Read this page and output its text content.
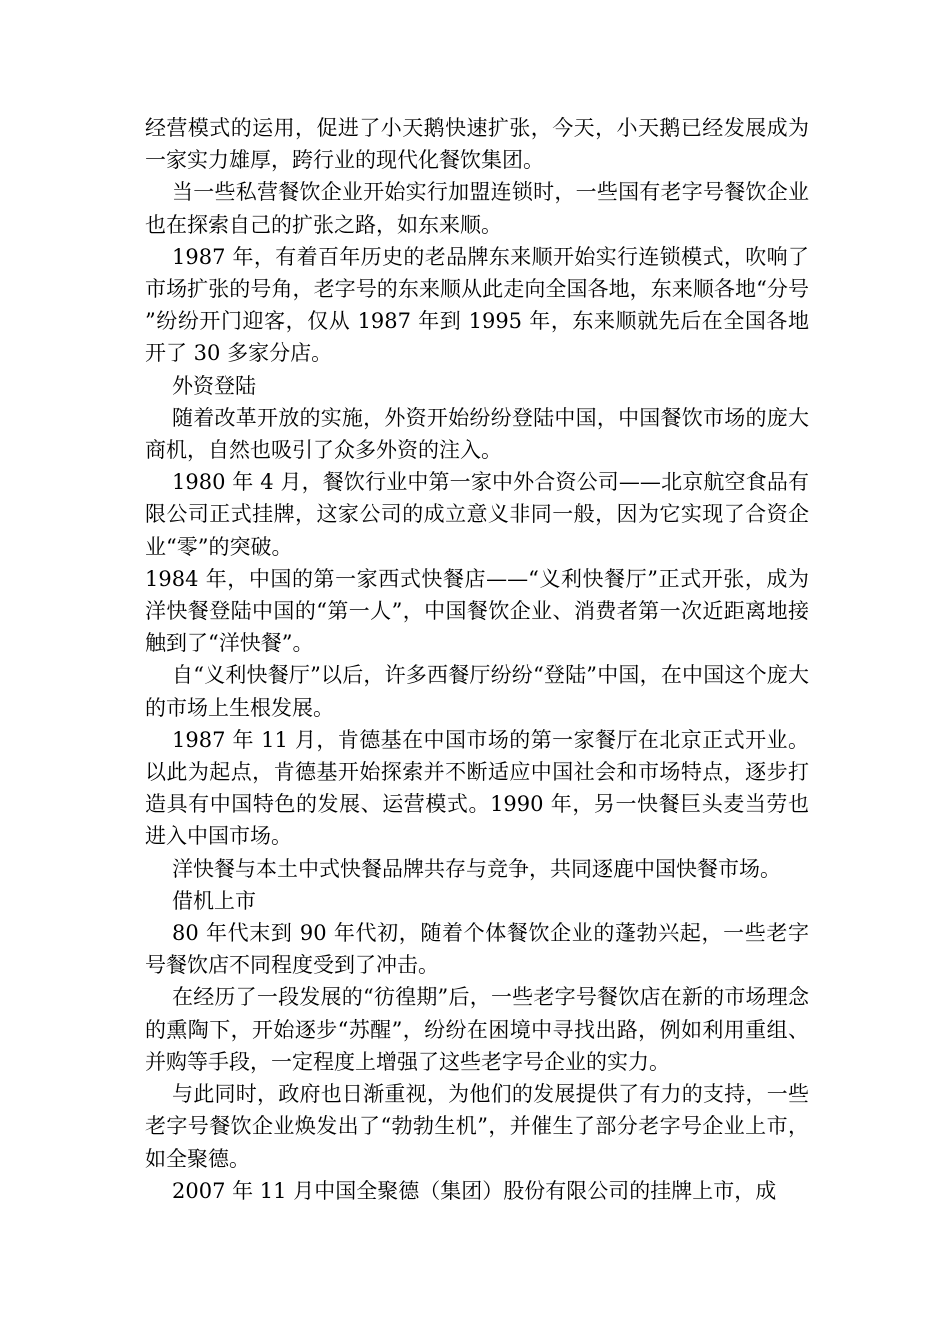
经营模式的运用，促进了小天鹅快速扩张，今天，小天鹅已经发展成为一家实力雄厚，跨行业的现代化餐饮集团。

当一些私营餐饮企业开始实行加盟连锁时，一些国有老字号餐饮企业也在探索自己的扩张之路，如东来顺。

1987 年，有着百年历史的老品牌东来顺开始实行连锁模式，吹响了市场扩张的号角，老字号的东来顺从此走向全国各地，东来顺各地“分号”纷纷开门迎客，仅从 1987 年到 1995 年，东来顺就先后在全国各地开了 30 多家分店。

外资登陆

随着改革开放的实施，外资开始纷纷登陆中国，中国餐饮市场的庞大商机，自然也吸引了众多外资的注入。

1980 年 4 月，餐饮行业中第一家中外合资公司——北京航空食品有限公司正式挂牌，这家公司的成立意义非同一般，因为它实现了合资企业“零”的突破。

1984 年，中国的第一家西式快餐店——“义利快餐厅”正式开张，成为洋快餐登陆中国的“第一人”，中国餐饮企业、消费者第一次近距离地接触到了“洋快餐”。

自“义利快餐厅”以后，许多西餐厅纷纷“登陆”中国，在中国这个庞大的市场上生根发展。

1987 年 11 月，肯德基在中国市场的第一家餐厅在北京正式开业。以此为起点，肯德基开始探索并不断适应中国社会和市场特点，逐步打造具有中国特色的发展、运营模式。1990 年，另一快餐巨头麦当劳也进入中国市场。

洋快餐与本土中式快餐品牌共存与竞争，共同逐鹿中国快餐市场。

借机上市

80 年代末到 90 年代初，随着个体餐饮企业的蓬勃兴起，一些老字号餐饮店不同程度受到了冲击。

在经历了一段发展的“彷徨期”后，一些老字号餐饮店在新的市场理念的熏陶下，开始逐步“苏醒”，纷纷在困境中寻找出路，例如利用重组、并购等手段，一定程度上增强了这些老字号企业的实力。

与此同时，政府也日渐重视，为他们的发展提供了有力的支持，一些老字号餐饮企业焕发出了“勃勃生机”，并催生了部分老字号企业上市，如全聚德。

2007 年 11 月中国全聚德（集团）股份有限公司的挂牌上市，成
